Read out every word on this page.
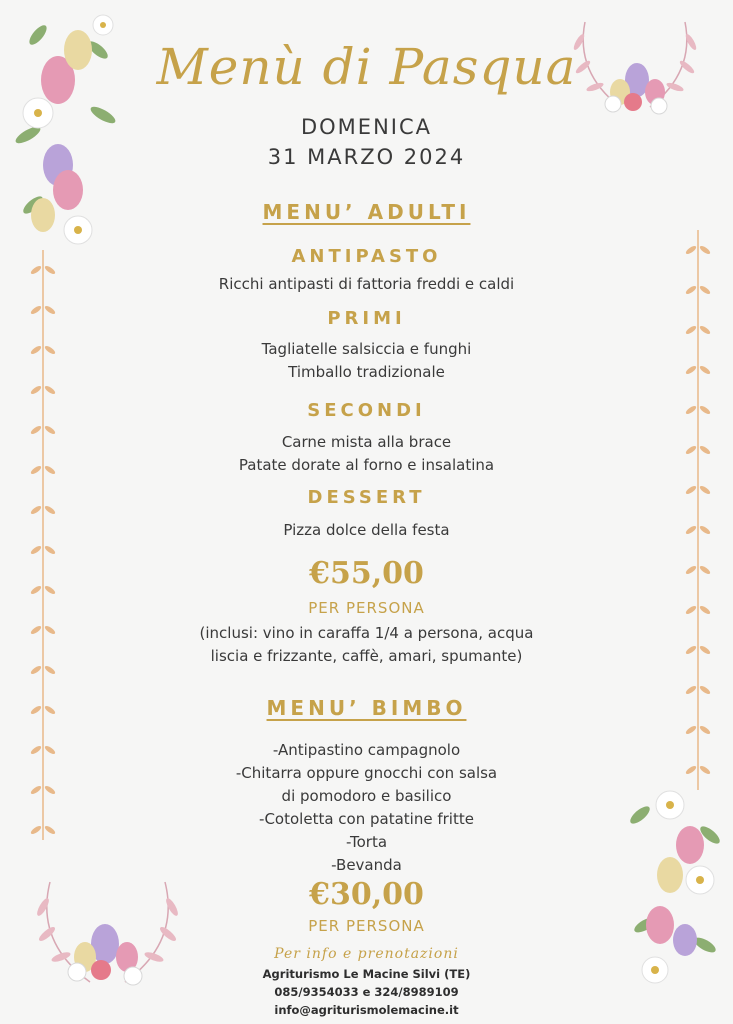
Menù di Pasqua
DOMENICA
31 MARZO 2024
MENU’ ADULTI
ANTIPASTO
Ricchi antipasti di fattoria freddi e caldi
PRIMI
Tagliatelle salsiccia e funghi
Timballo tradizionale
SECONDI
Carne mista alla brace
Patate dorate al forno e insalatina
DESSERT
Pizza dolce della festa
€55,00
PER PERSONA
(inclusi: vino in caraffa 1/4 a persona, acqua
liscia e frizzante, caffè, amari, spumante)
MENU’ BIMBO
-Antipastino campagnolo
-Chitarra oppure gnocchi con salsa
di pomodoro e basilico
-Cotoletta con patatine fritte
-Torta
-Bevanda
€30,00
PER PERSONA
Per info e prenotazioni
Agriturismo Le Macine Silvi (TE)
085/9354033 e 324/8989109
info@agriturismolemacine.it
